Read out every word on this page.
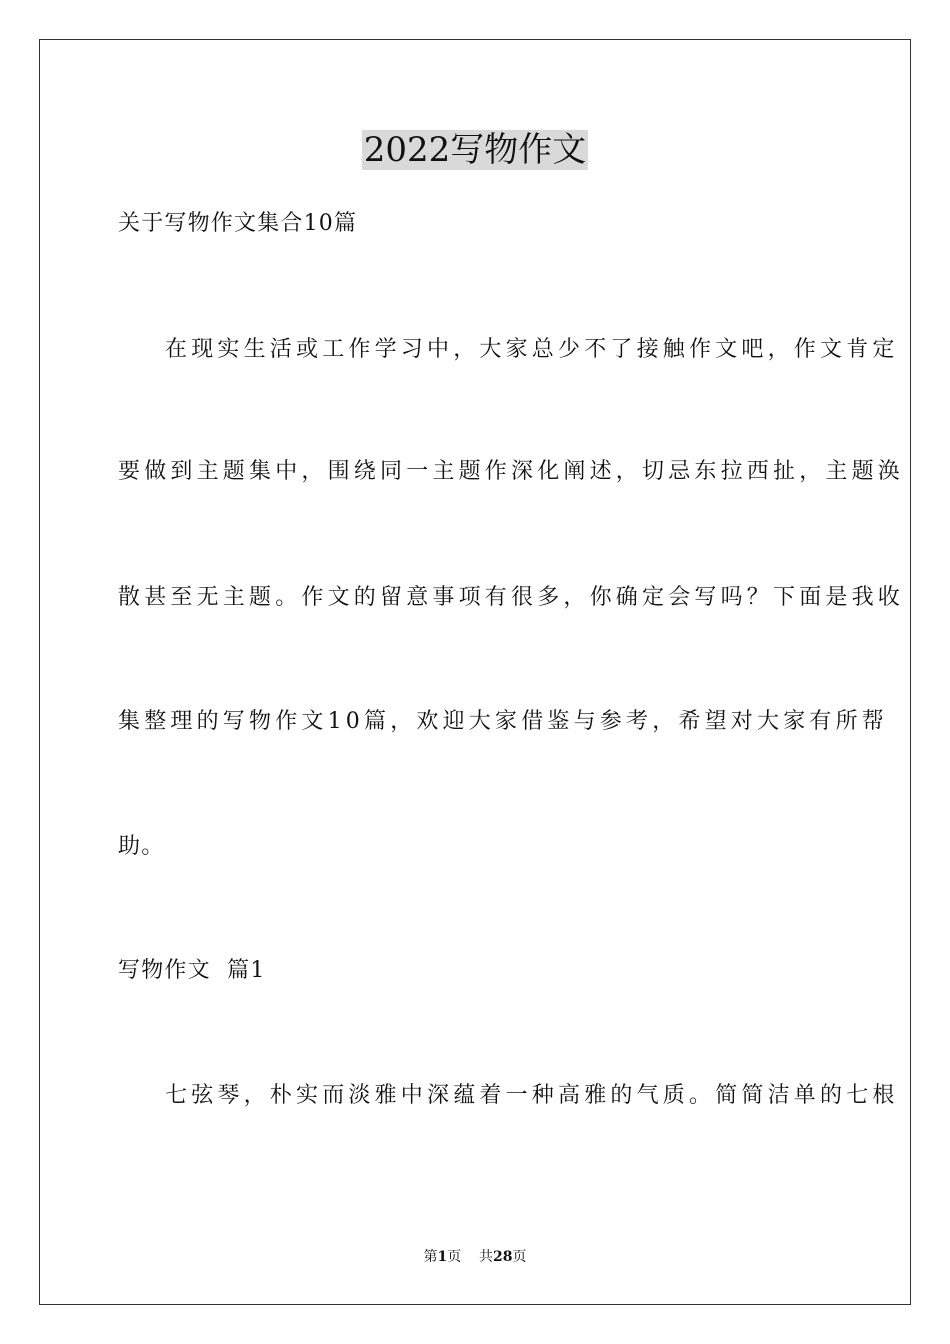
2022写物作文
关于写物作文集合10篇
在现实生活或工作学习中，大家总少不了接触作文吧，作文肯定
要做到主题集中，围绕同一主题作深化阐述，切忌东拉西扯，主题涣
散甚至无主题。作文的留意事项有很多，你确定会写吗？下面是我收
集整理的写物作文10篇，欢迎大家借鉴与参考，希望对大家有所帮
助。
写物作文  篇1
七弦琴，朴实而淡雅中深蕴着一种高雅的气质。简简洁单的七根
第1页 共28页
